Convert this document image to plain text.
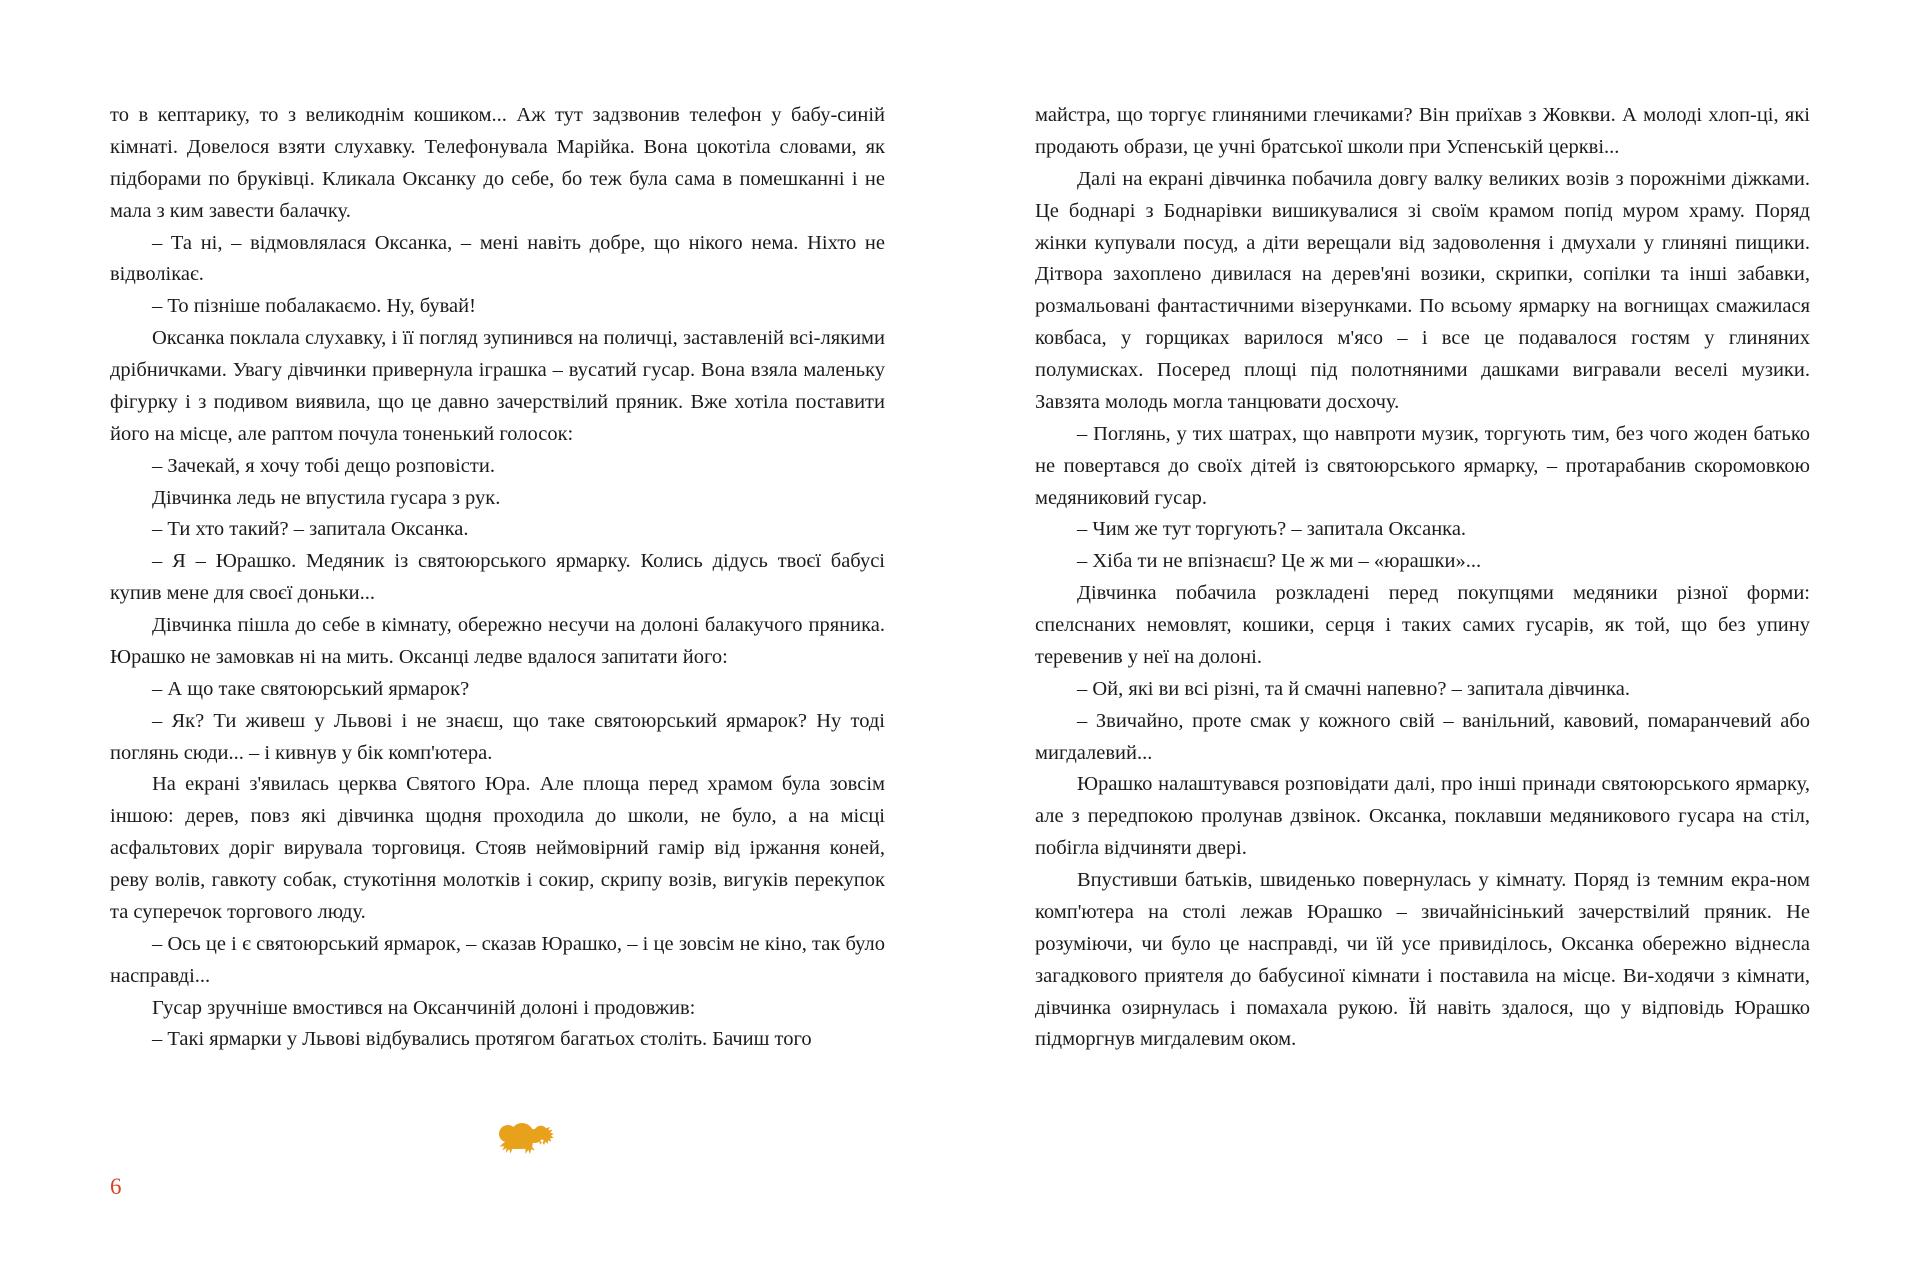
то в кептарику, то з великоднім кошиком... Аж тут задзвонив телефон у бабу-синій кімнаті. Довелося взяти слухавку. Телефонувала Марійка. Вона цокотіла словами, як підборами по брукiвцi. Кликала Оксанку до себе, бо теж була сама в помешканні і не мала з ким завести балачку.

– Та ні, – відмовлялася Оксанка, – мені навіть добре, що нікого нема. Ніхто не відволікає.

– То пізніше побалакаємо. Ну, бувай!

Оксанка поклала слухавку, і її погляд зупинився на поличці, заставленій всі-лякими дрібничками. Увагу дівчинки привернула іграшка – вусатий гусар. Вона взяла маленьку фігурку і з подивом виявила, що це давно зачерствілий пряник. Вже хотіла поставити його на місце, але раптом почула тоненький голосок:

– Зачекай, я хочу тобі дещо розповісти.

Дівчинка ледь не впустила гусара з рук.

– Ти хто такий? – запитала Оксанка.

– Я – Юрашко. Медяник із святоюрського ярмарку. Колись дідусь твоєї бабусі купив мене для своєї доньки...

Дівчинка пішла до себе в кімнату, обережно несучи на долоні балакучого пряника. Юрашко не замовкав ні на мить. Оксанці ледве вдалося запитати його:

– А що таке святоюрський ярмарок?

– Як? Ти живеш у Львові і не знаєш, що таке святоюрський ярмарок? Ну тоді поглянь сюди... – і кивнув у бік комп'ютера.

На екрані з'явилась церква Святого Юра. Але площа перед храмом була зовсім іншою: дерев, повз які дівчинка щодня проходила до школи, не було, а на місці асфальтових доріг вирувала торговиця. Стояв неймовірний гамір від іржання коней, реву волів, гавкоту собак, стукотіння молотків і сокир, скрипу возів, вигуків перекупок та суперечок торгового люду.

– Ось це і є святоюрський ярмарок, – сказав Юрашко, – і це зовсім не кіно, так було насправді...

Гусар зручніше вмостився на Оксанчиній долоні і продовжив:

– Такі ярмарки у Львові відбувались протягом багатьох століть. Бачиш того

6

майстра, що торгує глиняними глечиками? Він приїхав з Жовкви. А молоді хлоп-ці, які продають образи, це учні братської школи при Успенській церкві...

Далі на екрані дівчинка побачила довгу валку великих возів з порожніми діжками. Це боднарі з Боднарівки вишикувалися зі своїм крамом попід муром храму. Поряд жінки купували посуд, а діти верещали від задоволення і дмухали у глиняні пищики. Дітвора захоплено дивилася на дерев'яні возики, скрипки, сопілки та інші забавки, розмальовані фантастичними візерунками. По всьому ярмарку на вогнищах смажилася ковбаса, у горщиках варилося м'ясо – і все це подавалося гостям у глиняних полумисках. Посеред площі під полотняними дашками вигравали веселі музики. Завзята молодь могла танцювати досхочу.

– Поглянь, у тих шатрах, що навпроти музик, торгують тим, без чого жоден батько не повертався до своїх дітей із святоюрського ярмарку, – протарабанив скоромовкою медяниковий гусар.

– Чим же тут торгують? – запитала Оксанка.

– Хіба ти не впізнаєш? Це ж ми – «юрашки»...

Дівчинка побачила розкладені перед покупцями медяники різної форми: спелснаних немовлят, кошики, серця і таких самих гусарів, як той, що без упину теревенив у неї на долоні.

– Ой, які ви всі різні, та й смачні напевно? – запитала дівчинка.

– Звичайно, проте смак у кожного свій – ванільний, кавовий, помаранчевий або мигдалевий...

Юрашко налаштувався розповідати далі, про інші принади святоюрського ярмарку, але з передпокою пролунав дзвінок. Оксанка, поклавши медяникового гусара на стіл, побігла відчиняти двері.

Впустивши батьків, швиденько повернулась у кімнату. Поряд із темним екра-ном комп'ютера на столі лежав Юрашко – звичайнісінький зачерствілий пряник. Не розуміючи, чи було це насправді, чи їй усе привиділось, Оксанка обережно віднесла загадкового приятеля до бабусиної кімнати і поставила на місце. Ви-ходячи з кімнати, дівчинка озирнулась і помахала рукою. Їй навіть здалося, що у відповідь Юрашко підморгнув мигдалевим оком.
